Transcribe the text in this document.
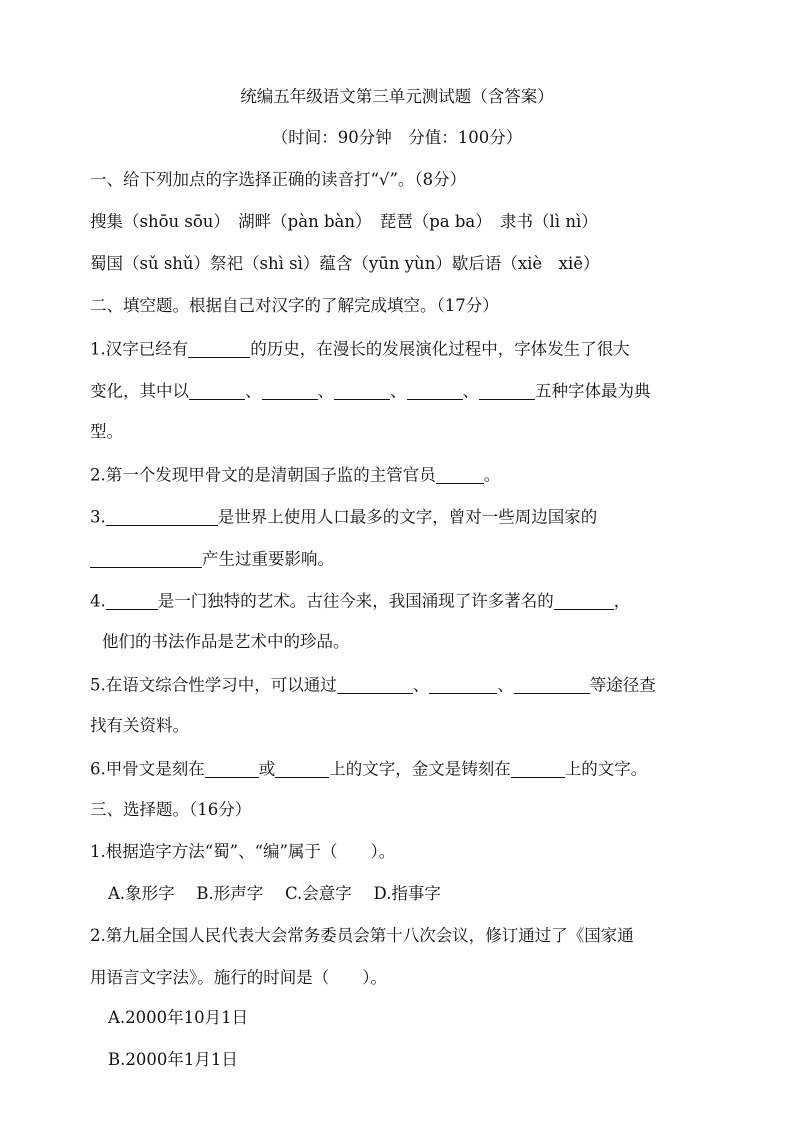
统编五年级语文第三单元测试题（含答案）
（时间：90分钟　分值：100分）
一、给下列加点的字选择正确的读音打“√”。（8分）
搜集（shōu sōu）　湖畔（pàn bàn）　琵琶（pa ba）　隶书（lì nì）
蜀国（sǔ shǔ）祭祀（shì sì）蕴含（yūn yùn）歇后语（xiè　xiē）
二、填空题。根据自己对汉字的了解完成填空。（17分）
1.汉字已经有	的历史，在漫长的发展演化过程中，字体发生了很大
变化，其中以	、	、	、	、	五种字体最为典
型。
2.第一个发现甲骨文的是清朝国子监的主管官员	。
3.	是世界上使用人口最多的文字，曾对一些周边国家的
产生过重要影响。
4.	是一门独特的艺术。古往今来，我国涌现了许多著名的	，
他们的书法作品是艺术中的珍品。
5.在语文综合性学习中，可以通过	、	、	等途径查
找有关资料。
6.甲骨文是刻在	或	上的文字，金文是铸刻在	上的文字。
三、选择题。（16分）
1.根据造字方法“蜀”、“编”属于（　　）。
A.象形字　 B.形声字　 C.会意字　 D.指事字
2.第九届全国人民代表大会常务委员会第十八次会议，修订通过了《国家通
用语言文字法》。施行的时间是（　　）。
A.2000年10月1日
B.2000年1月1日
